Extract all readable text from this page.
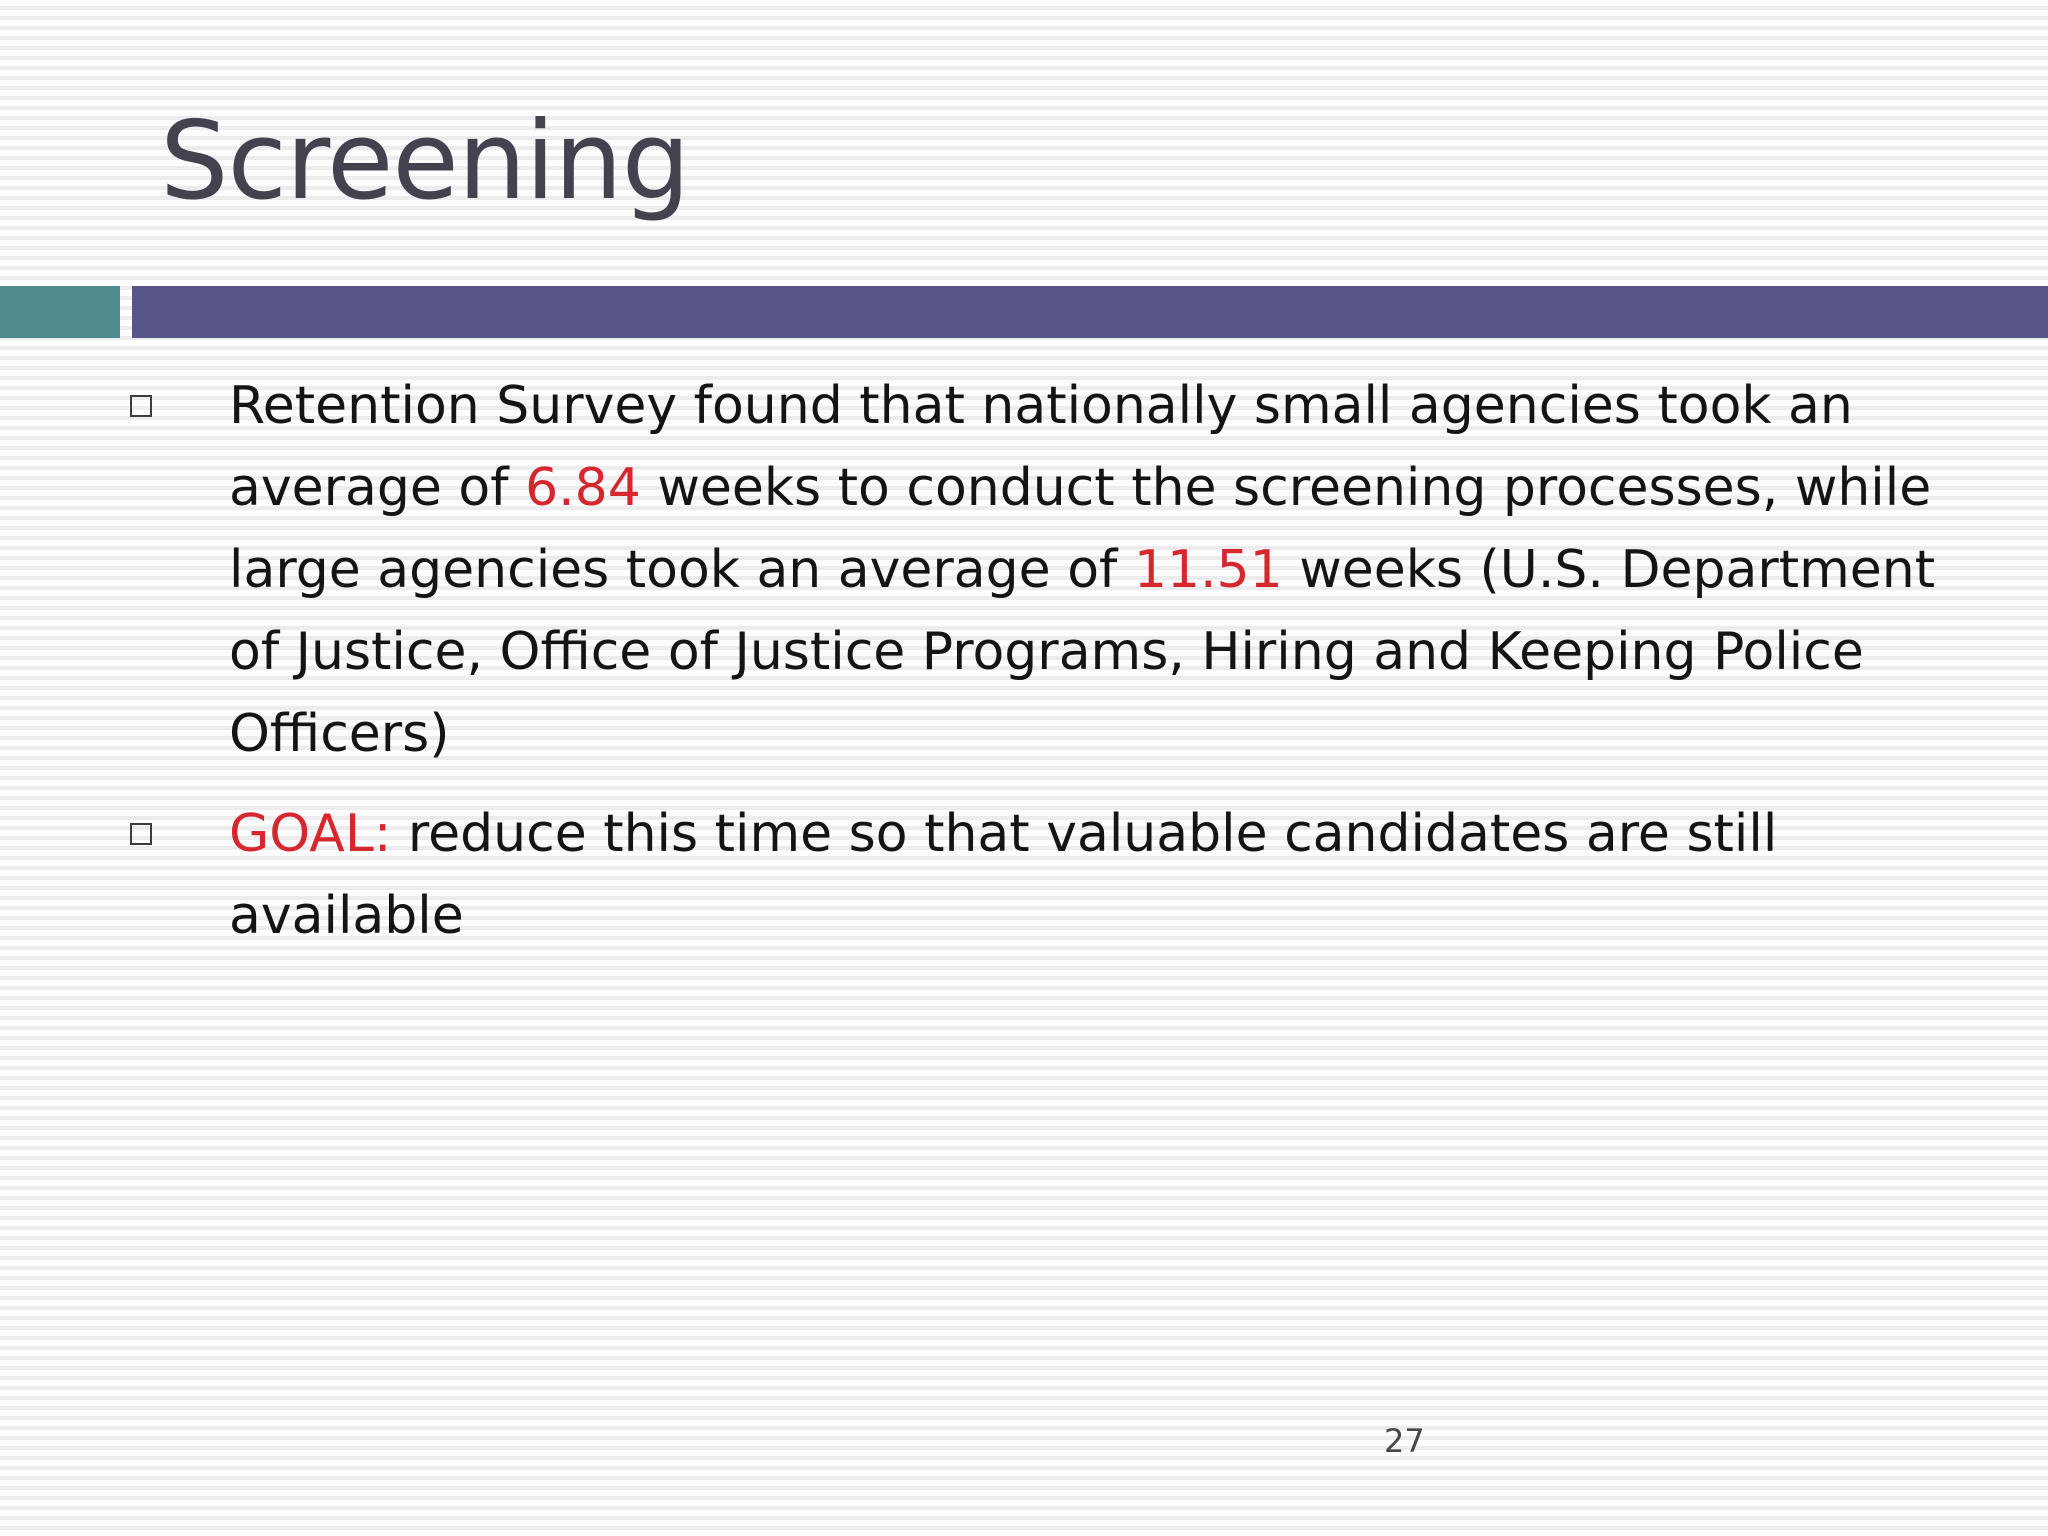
Screening
Retention Survey found that nationally small agencies took an average of 6.84 weeks to conduct the screening processes, while large agencies took an average of 11.51 weeks (U.S. Department of Justice, Office of Justice Programs, Hiring and Keeping Police Officers)
GOAL: reduce this time so that valuable candidates are still available
27
